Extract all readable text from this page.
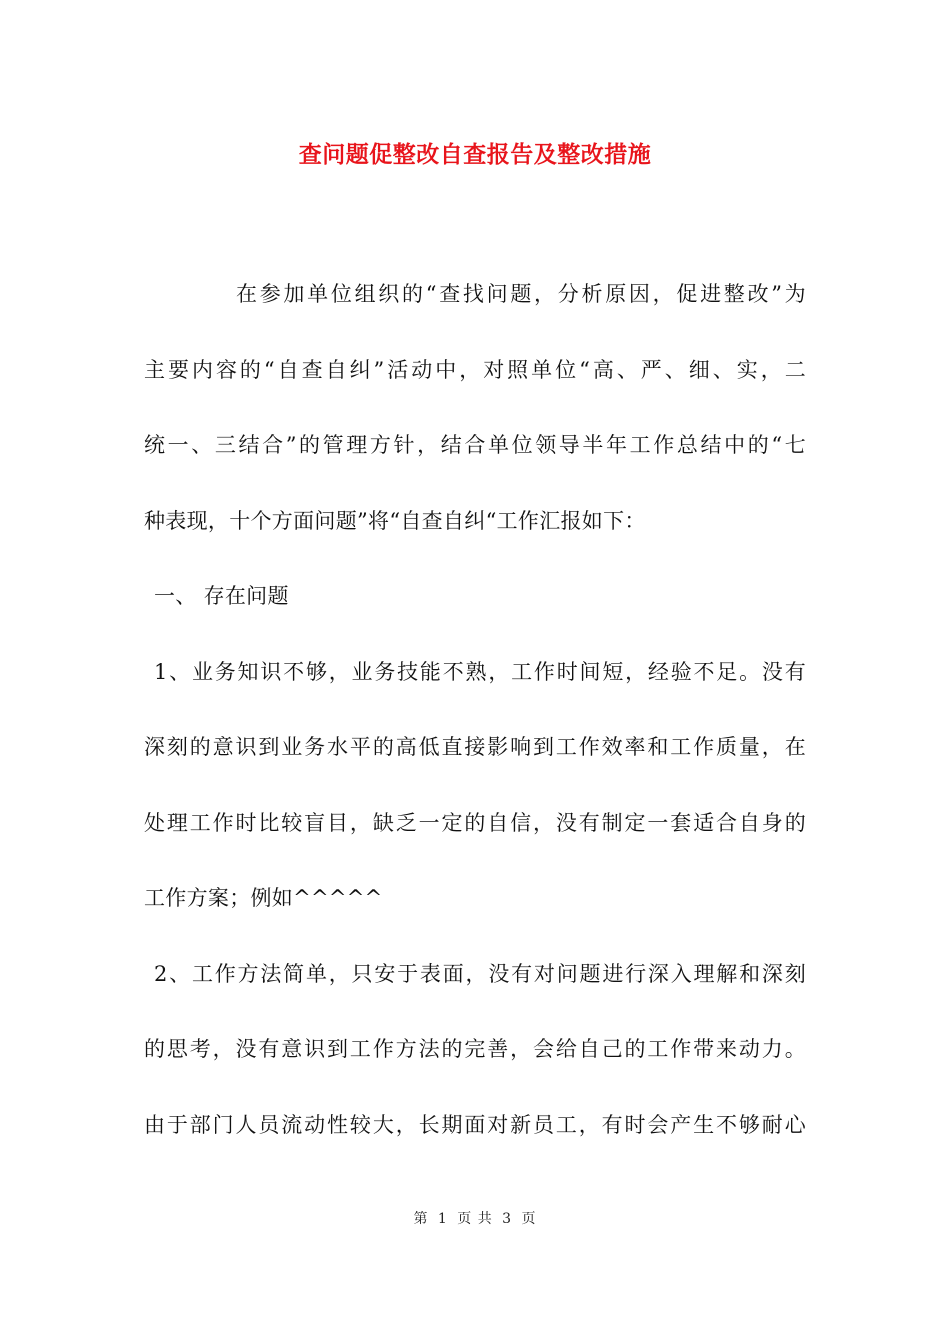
查问题促整改自查报告及整改措施
在参加单位组织的“查找问题，分析原因，促进整改”为
主要内容的“自查自纠”活动中，对照单位“高、严、细、实，二
统一、三结合”的管理方针，结合单位领导半年工作总结中的“七
种表现，十个方面问题”将“自查自纠“工作汇报如下：
一、 存在问题
1、业务知识不够，业务技能不熟，工作时间短，经验不足。没有
深刻的意识到业务水平的高低直接影响到工作效率和工作质量，在
处理工作时比较盲目，缺乏一定的自信，没有制定一套适合自身的
工作方案；例如^^^^^
2、工作方法简单，只安于表面，没有对问题进行深入理解和深刻
的思考，没有意识到工作方法的完善，会给自己的工作带来动力。
由于部门人员流动性较大，长期面对新员工，有时会产生不够耐心
第 1 页 共 3 页
